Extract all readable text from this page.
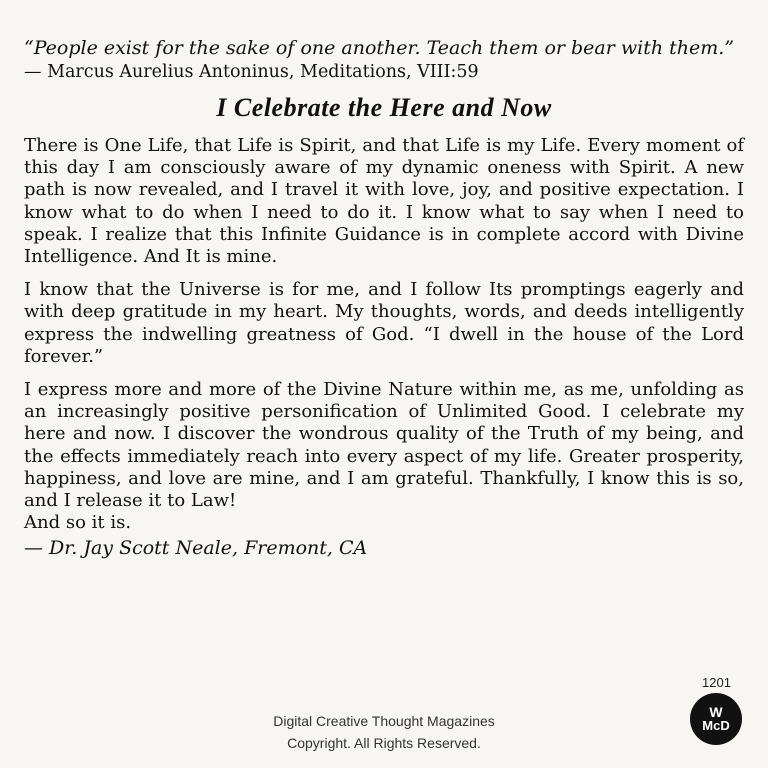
“People exist for the sake of one another. Teach them or bear with them.”

— Marcus Aurelius Antoninus, Meditations, VIII:59

I Celebrate the Here and Now

There is One Life, that Life is Spirit, and that Life is my Life. Every moment of this day I am consciously aware of my dynamic oneness with Spirit. A new path is now revealed, and I travel it with love, joy, and positive expectation. I know what to do when I need to do it. I know what to say when I need to speak. I realize that this Infinite Guidance is in complete accord with Divine Intelligence. And It is mine.

I know that the Universe is for me, and I follow Its promptings eagerly and with deep gratitude in my heart. My thoughts, words, and deeds intelligently express the indwelling greatness of God. “I dwell in the house of the Lord forever.”

I express more and more of the Divine Nature within me, as me, unfolding as an increasingly positive personification of Unlimited Good. I celebrate my here and now. I discover the wondrous quality of the Truth of my being, and the effects immediately reach into every aspect of my life. Greater prosperity, happiness, and love are mine, and I am grateful. Thankfully, I know this is so, and I release it to Law!

And so it is.

— Dr. Jay Scott Neale, Fremont, CA

1201
W
McD
Digital Creative Thought Magazines
Copyright. All Rights Reserved.
